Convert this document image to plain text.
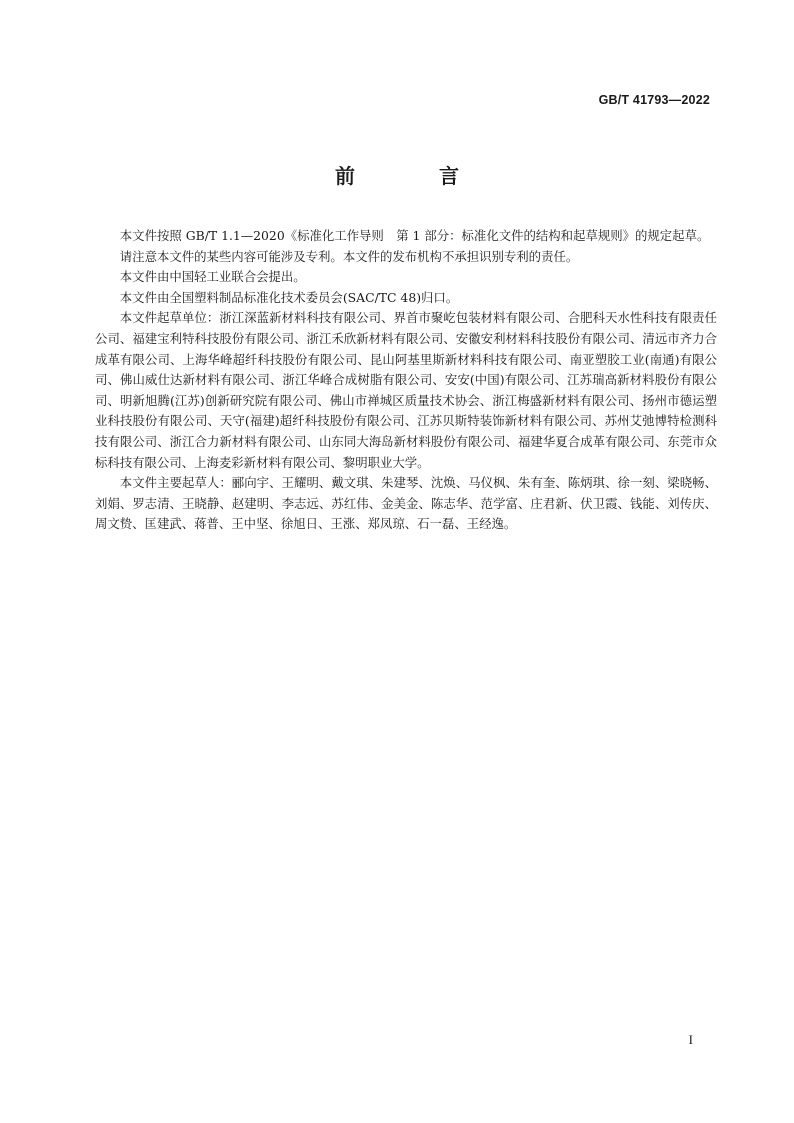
GB/T 41793—2022
前　言

本文件按照 GB/T 1.1—2020《标准化工作导则　第 1 部分：标准化文件的结构和起草规则》的规定起草。

请注意本文件的某些内容可能涉及专利。本文件的发布机构不承担识别专利的责任。

本文件由中国轻工业联合会提出。

本文件由全国塑料制品标准化技术委员会(SAC/TC 48)归口。

本文件起草单位：浙江深蓝新材料科技有限公司、界首市聚屹包装材料有限公司、合肥科天水性科技有限责任公司、福建宝利特科技股份有限公司、浙江禾欣新材料有限公司、安徽安利材料科技股份有限公司、清远市齐力合成革有限公司、上海华峰超纤科技股份有限公司、昆山阿基里斯新材料科技有限公司、南亚塑胶工业(南通)有限公司、佛山威仕达新材料有限公司、浙江华峰合成树脂有限公司、安安(中国)有限公司、江苏瑞高新材料股份有限公司、明新旭腾(江苏)创新研究院有限公司、佛山市禅城区质量技术协会、浙江梅盛新材料有限公司、扬州市德运塑业科技股份有限公司、天守(福建)超纤科技股份有限公司、江苏贝斯特装饰新材料有限公司、苏州艾弛博特检测科技有限公司、浙江合力新材料有限公司、山东同大海岛新材料股份有限公司、福建华夏合成革有限公司、东莞市众标科技有限公司、上海麦彩新材料有限公司、黎明职业大学。

本文件主要起草人：郦向宇、王耀明、戴文琪、朱建琴、沈焕、马仪枫、朱有奎、陈炳琪、徐一刻、梁晓畅、刘娟、罗志清、王晓静、赵建明、李志远、苏红伟、金美金、陈志华、范学富、庄君新、伏卫霞、钱能、刘传庆、周文贽、匡建武、蒋普、王中坚、徐旭日、王涨、郑凤琼、石一磊、王经逸。

I
